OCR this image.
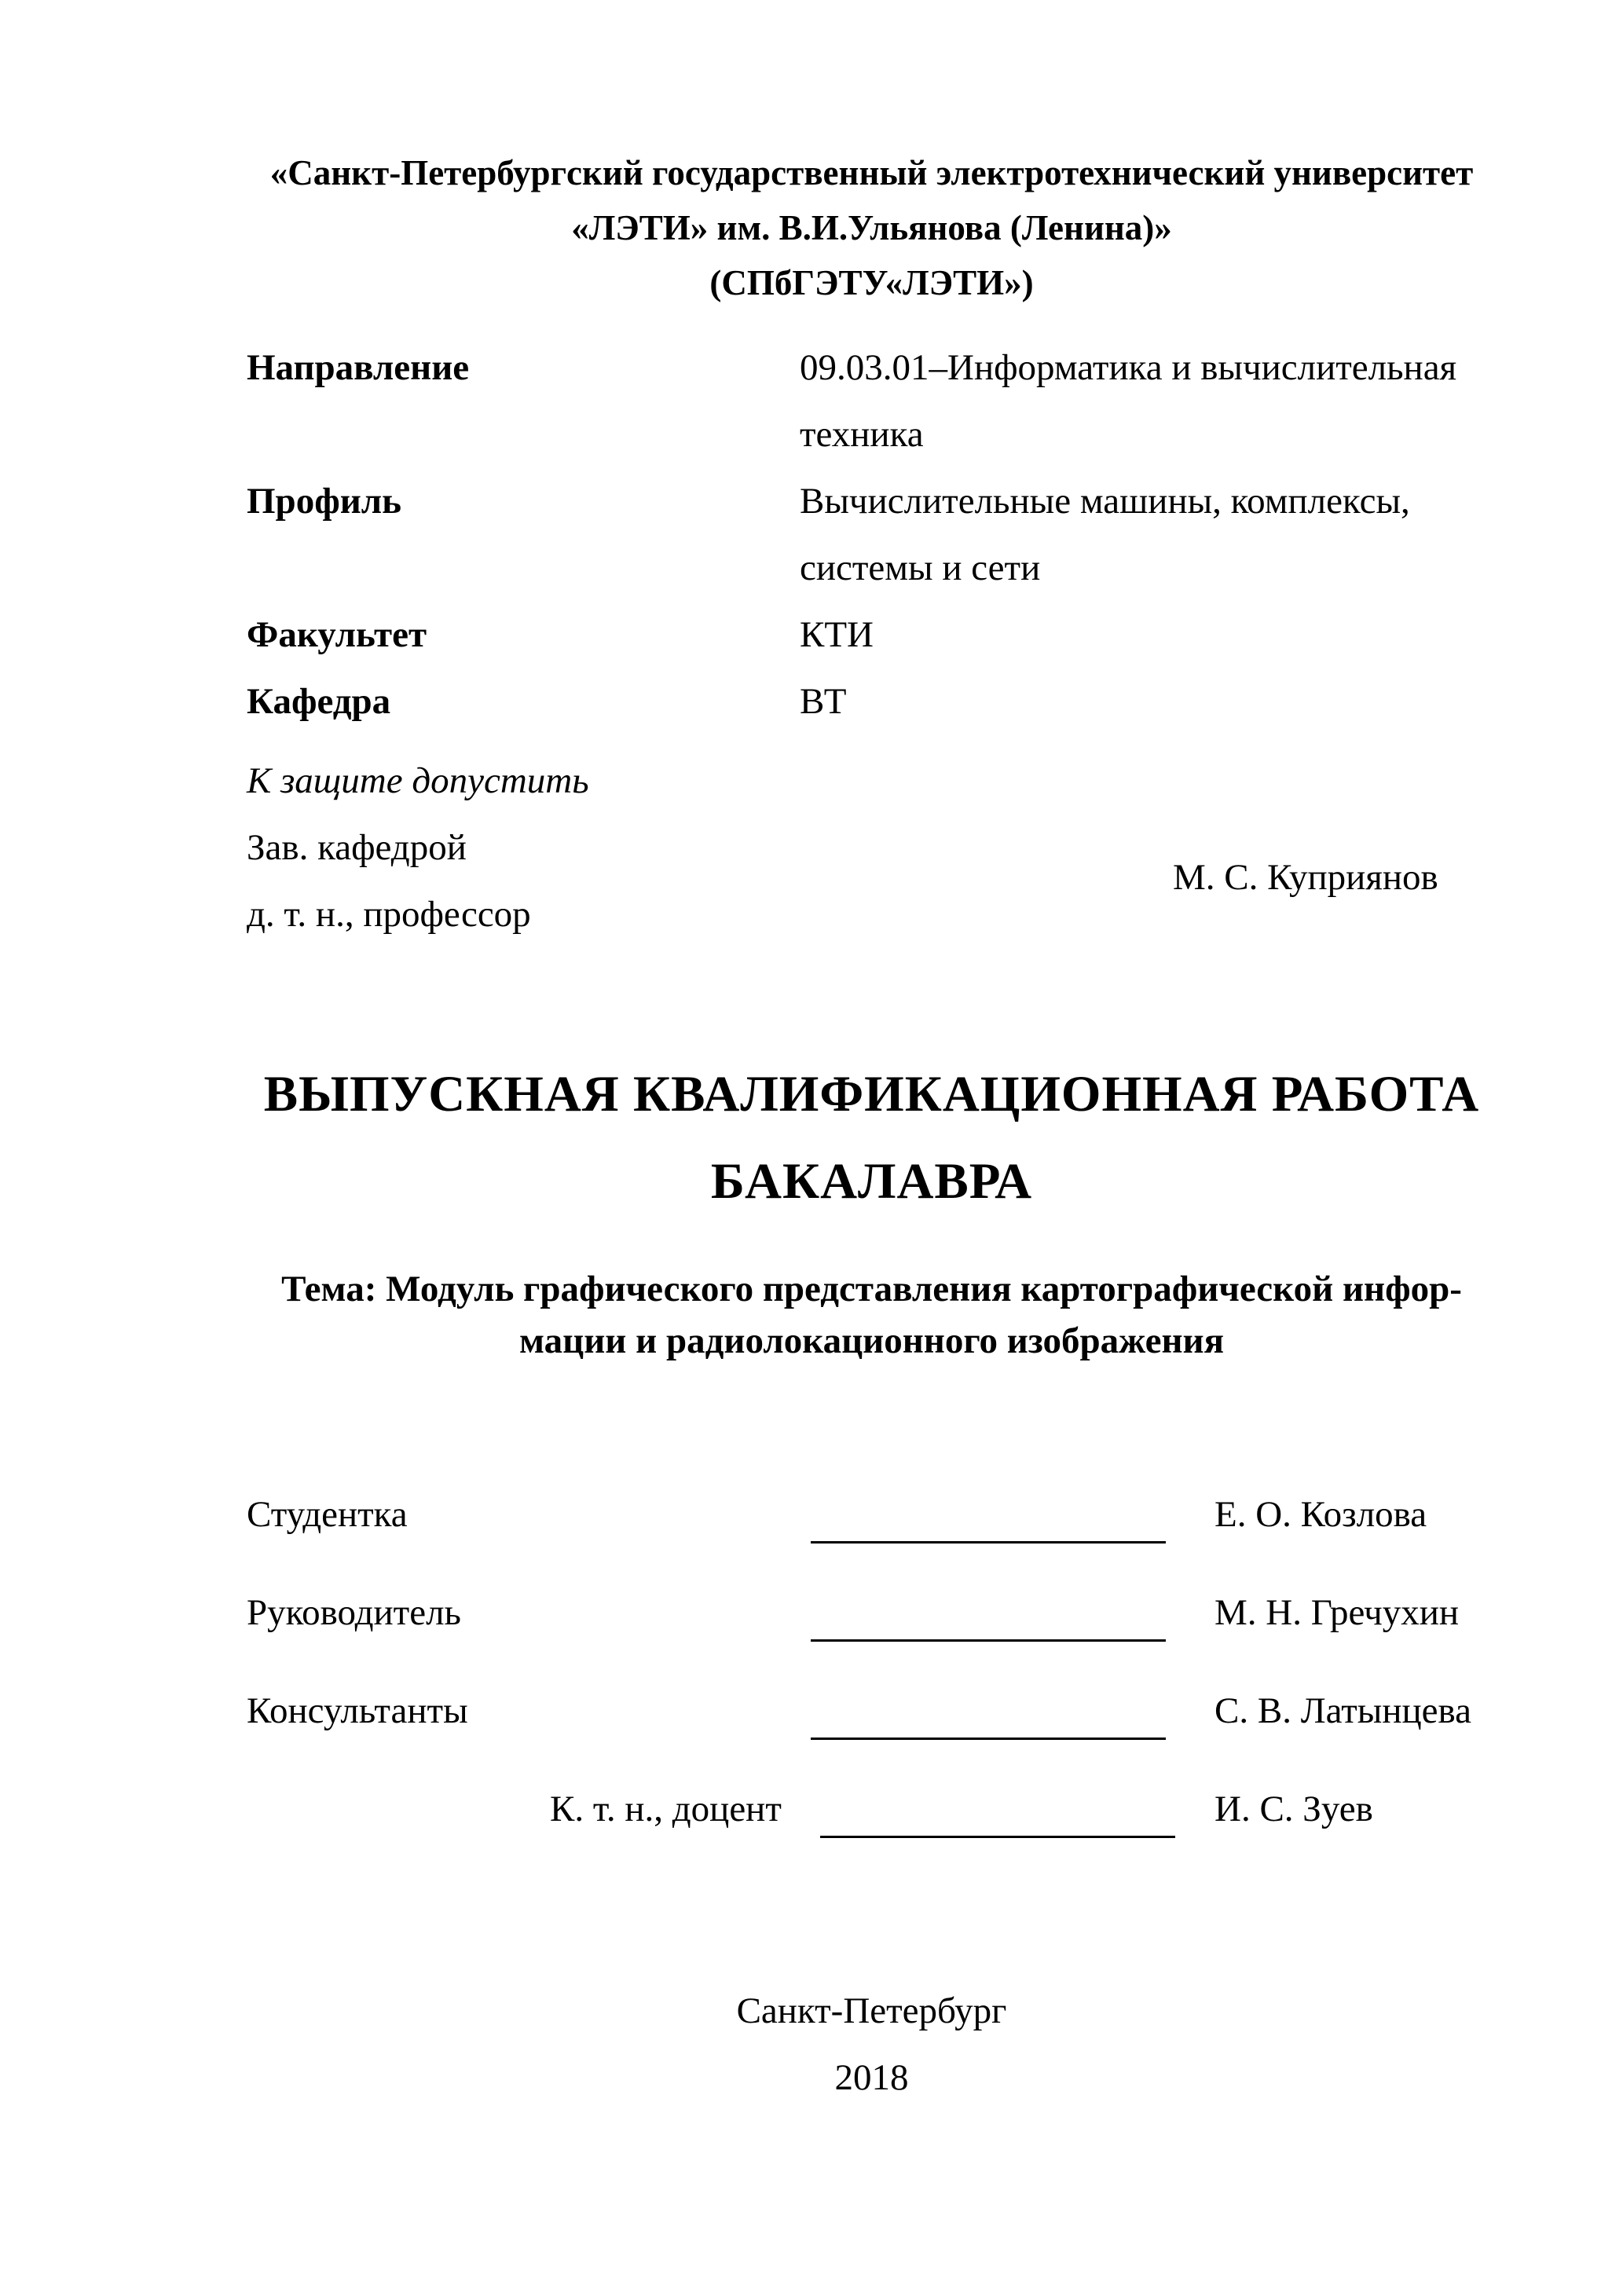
«Санкт-Петербургский государственный электротехнический университет
«ЛЭТИ» им. В.И.Ульянова (Ленина)»
(СПбГЭТУ«ЛЭТИ»)
Направление	09.03.01–Информатика и вычислительная
техника
Профиль	Вычислительные машины, комплексы,
системы и сети
Факультет	КТИ
Кафедра	ВТ
К защите допустить
Зав. кафедрой
д. т. н., профессор
М. С. Куприянов
ВЫПУСКНАЯ КВАЛИФИКАЦИОННАЯ РАБОТА
БАКАЛАВРА
Тема: Модуль графического представления картографической инфор-
мации и радиолокационного изображения
Студентка	Е. О. Козлова
Руководитель	М. Н. Гречухин
Консультанты	С. В. Латынцева
К. т. н., доцент	И. С. Зуев
Санкт-Петербург
2018
